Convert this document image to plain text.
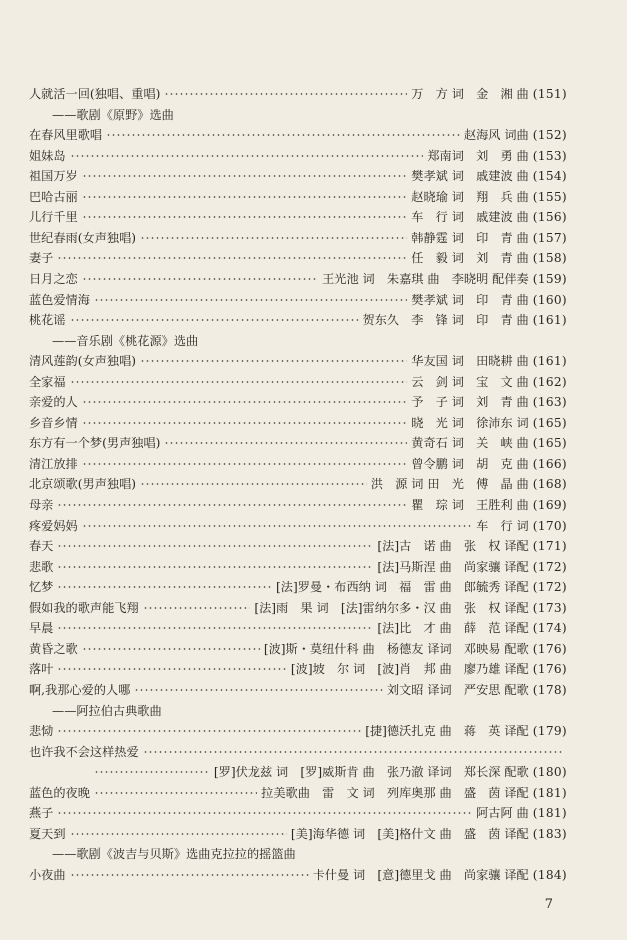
人就活一回(独唱、重唱)	万　方 词　金　湘 曲 (151)
——歌剧《原野》选曲
在春风里歌唱	赵海风 词曲 (152)
姐妹岛	郑南词　刘　勇 曲 (153)
祖国万岁	樊孝斌 词　戚建波 曲 (154)
巴哈古丽	赵晓瑜 词　翔　兵 曲 (155)
儿行千里	车　行 词　戚建波 曲 (156)
世纪春雨(女声独唱)	韩静霆 词　印　青 曲 (157)
妻子	任　毅 词　刘　青 曲 (158)
日月之恋	王光池 词　朱嘉琪 曲　李晓明 配伴奏 (159)
蓝色爱情海	樊孝斌 词　印　青 曲 (160)
桃花谣	贺东久　李　锋 词　印　青 曲 (161)
——音乐剧《桃花源》选曲
清风莲韵(女声独唱)	华友国 词　田晓耕 曲 (161)
全家福	云　剑 词　宝　文 曲 (162)
亲爱的人	予　子 词　刘　青 曲 (163)
乡音乡情	晓　光 词　徐沛东 词 (165)
东方有一个梦(男声独唱)	黄奇石 词　关　峡 曲 (165)
清江放排	曾令鹏 词　胡　克 曲 (166)
北京颂歌(男声独唱)	洪　源 词 田　光　傅　晶 曲 (168)
母亲	瞿　琮 词　王胜利 曲 (169)
疼爱妈妈	车　行 词 (170)
春天	[法]古　诺 曲　张　权 译配 (171)
悲歌	[法]马斯涅 曲　尚家骧 译配 (172)
忆梦	[法]罗曼・布西纳 词　福　雷 曲　郎毓秀 译配 (172)
假如我的歌声能飞翔	[法]雨　果 词　[法]雷纳尔多・汉 曲　张　权 译配 (173)
早晨	[法]比　才 曲　薛　范 译配 (174)
黄昏之歌	[波]斯・莫纽什科 曲　杨德友 译词　邓映易 配歌 (176)
落叶	[波]坡　尔 词　[波]肖　邦 曲　廖乃雄 译配 (176)
啊,我那心爱的人哪	刘文昭 译词　严安思 配歌 (178)
——阿拉伯古典歌曲
悲恸	[捷]德沃扎克 曲　蒋　英 译配 (179)
也许我不会这样热爱
[罗]伏龙兹 词　[罗]威斯肯 曲　张乃澈 译词　郑长深 配歌 (180)
蓝色的夜晚	拉美歌曲　雷　文 词　列库奥那 曲　盛　茵 译配 (181)
燕子	阿古阿 曲 (181)
夏天到	[美]海华德 词　[美]格什文 曲　盛　茵 译配 (183)
——歌剧《波吉与贝斯》选曲克拉拉的摇篮曲
小夜曲	卡什曼 词　[意]德里戈 曲　尚家骧 译配 (184)
7
